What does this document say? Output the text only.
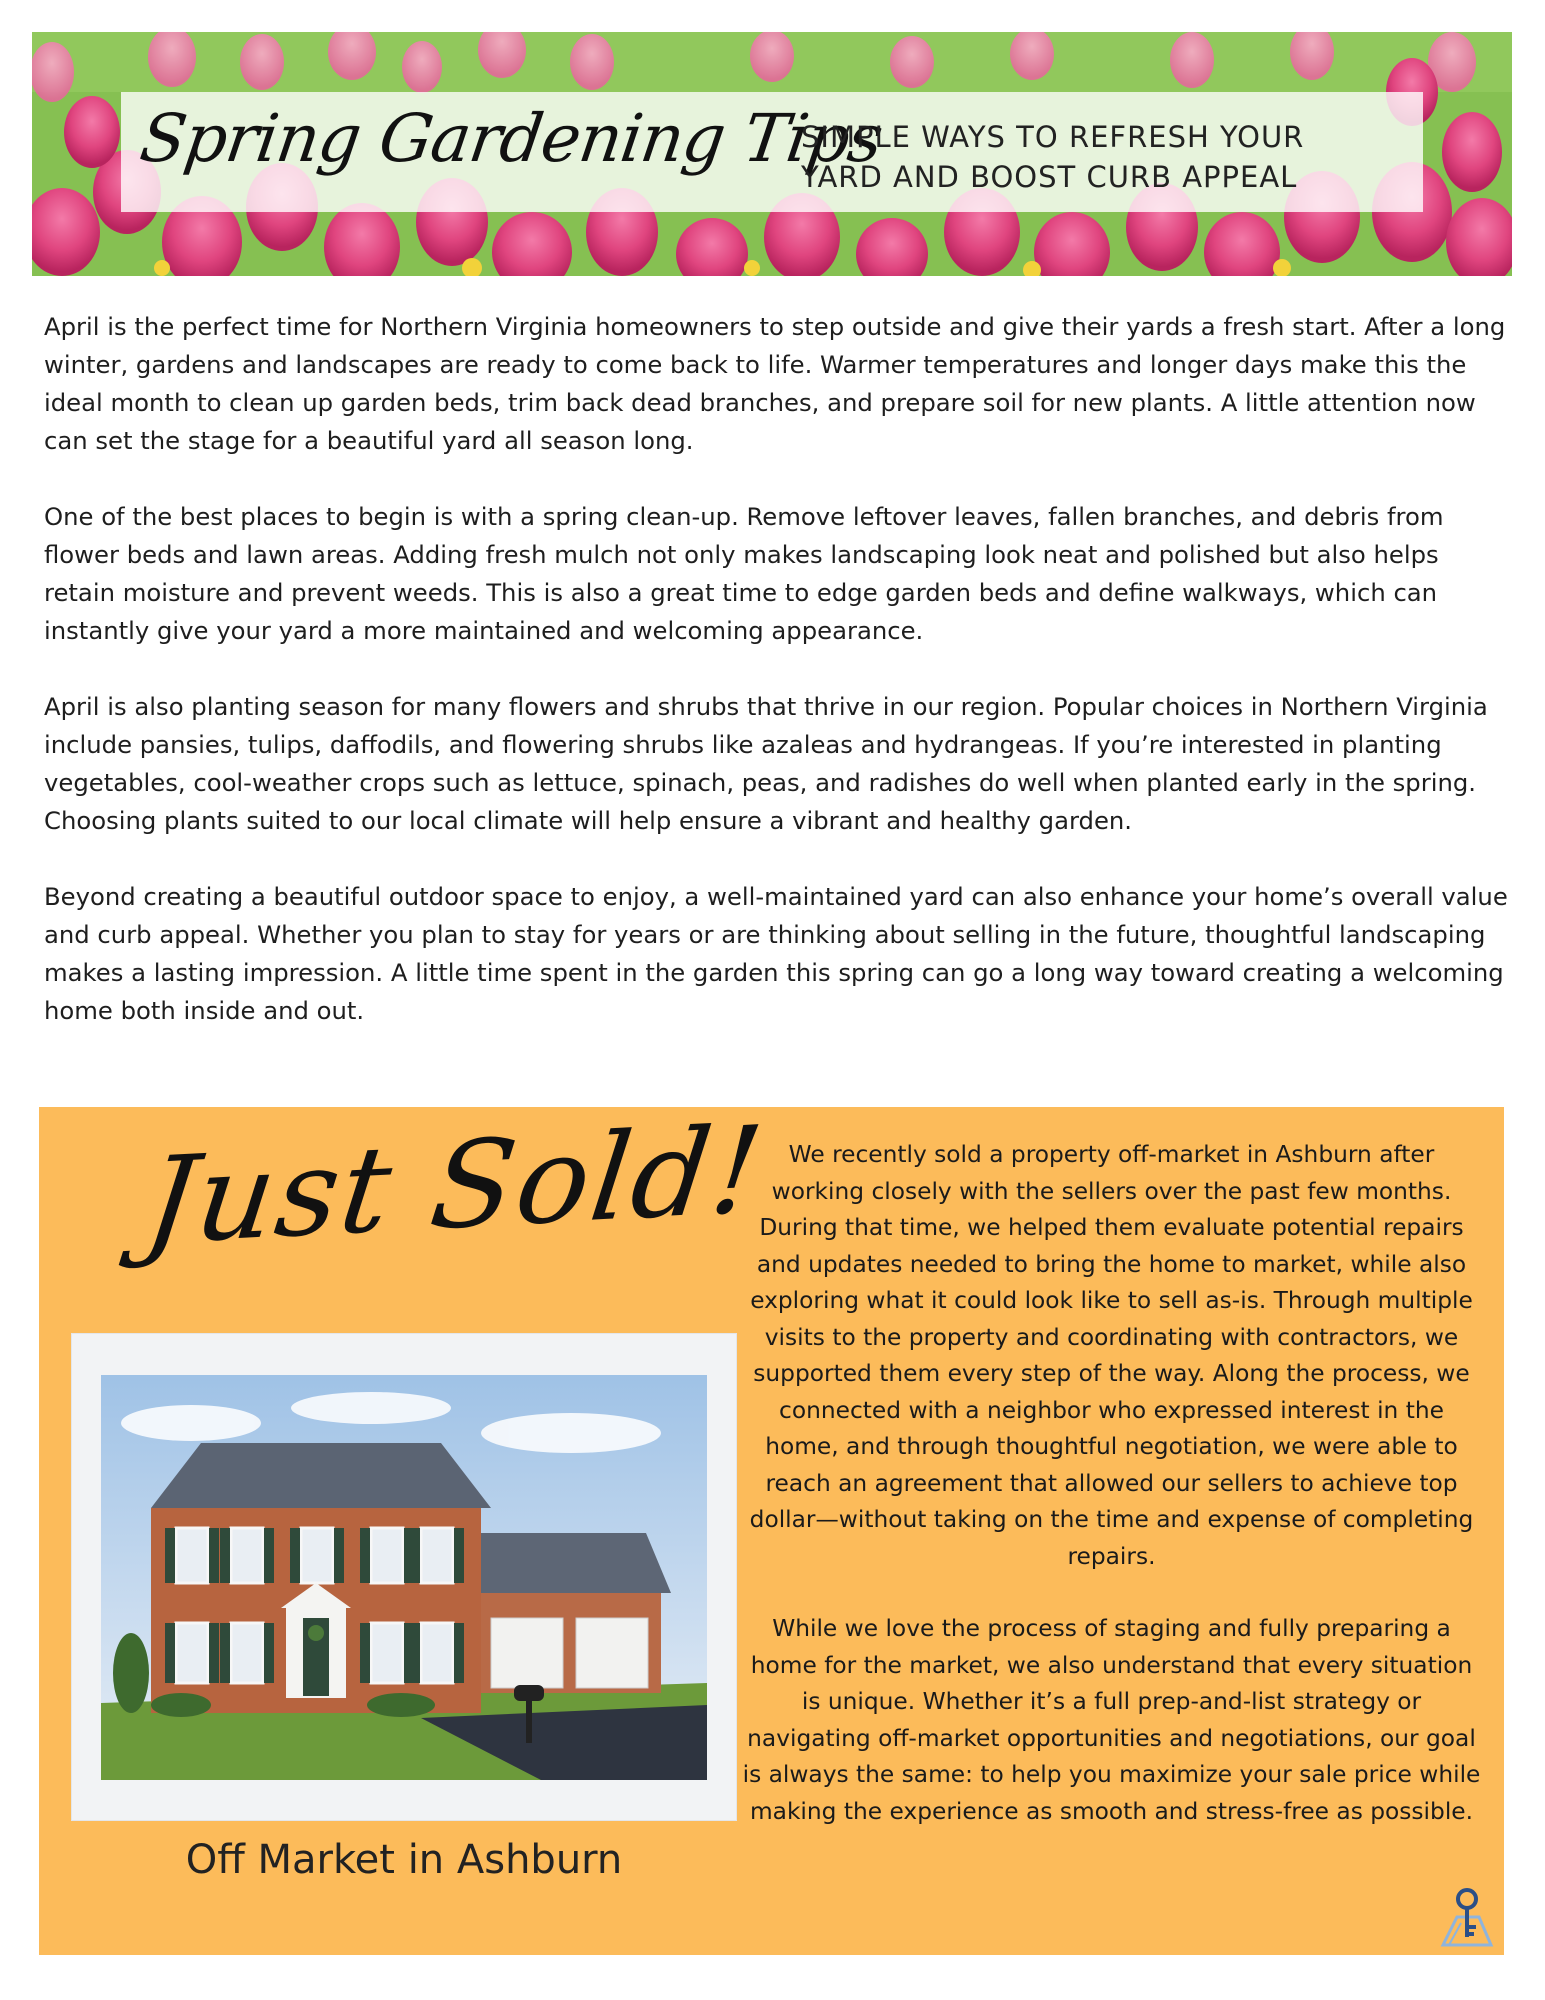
Spring Gardening Tips
SIMPLE WAYS TO REFRESH YOUR
YARD AND BOOST CURB APPEAL

April is the perfect time for Northern Virginia homeowners to step outside and give their yards a fresh start. After a long winter, gardens and landscapes are ready to come back to life. Warmer temperatures and longer days make this the ideal month to clean up garden beds, trim back dead branches, and prepare soil for new plants. A little attention now can set the stage for a beautiful yard all season long.

One of the best places to begin is with a spring clean-up. Remove leftover leaves, fallen branches, and debris from flower beds and lawn areas. Adding fresh mulch not only makes landscaping look neat and polished but also helps retain moisture and prevent weeds. This is also a great time to edge garden beds and define walkways, which can instantly give your yard a more maintained and welcoming appearance.

April is also planting season for many flowers and shrubs that thrive in our region. Popular choices in Northern Virginia include pansies, tulips, daffodils, and flowering shrubs like azaleas and hydrangeas. If you’re interested in planting vegetables, cool-weather crops such as lettuce, spinach, peas, and radishes do well when planted early in the spring. Choosing plants suited to our local climate will help ensure a vibrant and healthy garden.

Beyond creating a beautiful outdoor space to enjoy, a well-maintained yard can also enhance your home’s overall value and curb appeal. Whether you plan to stay for years or are thinking about selling in the future, thoughtful landscaping makes a lasting impression. A little time spent in the garden this spring can go a long way toward creating a welcoming home both inside and out.

Just Sold!
Off Market in Ashburn

We recently sold a property off-market in Ashburn after working closely with the sellers over the past few months. During that time, we helped them evaluate potential repairs and updates needed to bring the home to market, while also exploring what it could look like to sell as-is. Through multiple visits to the property and coordinating with contractors, we supported them every step of the way. Along the process, we connected with a neighbor who expressed interest in the home, and through thoughtful negotiation, we were able to reach an agreement that allowed our sellers to achieve top dollar—without taking on the time and expense of completing repairs.

While we love the process of staging and fully preparing a home for the market, we also understand that every situation is unique. Whether it’s a full prep-and-list strategy or navigating off-market opportunities and negotiations, our goal is always the same: to help you maximize your sale price while making the experience as smooth and stress-free as possible.
